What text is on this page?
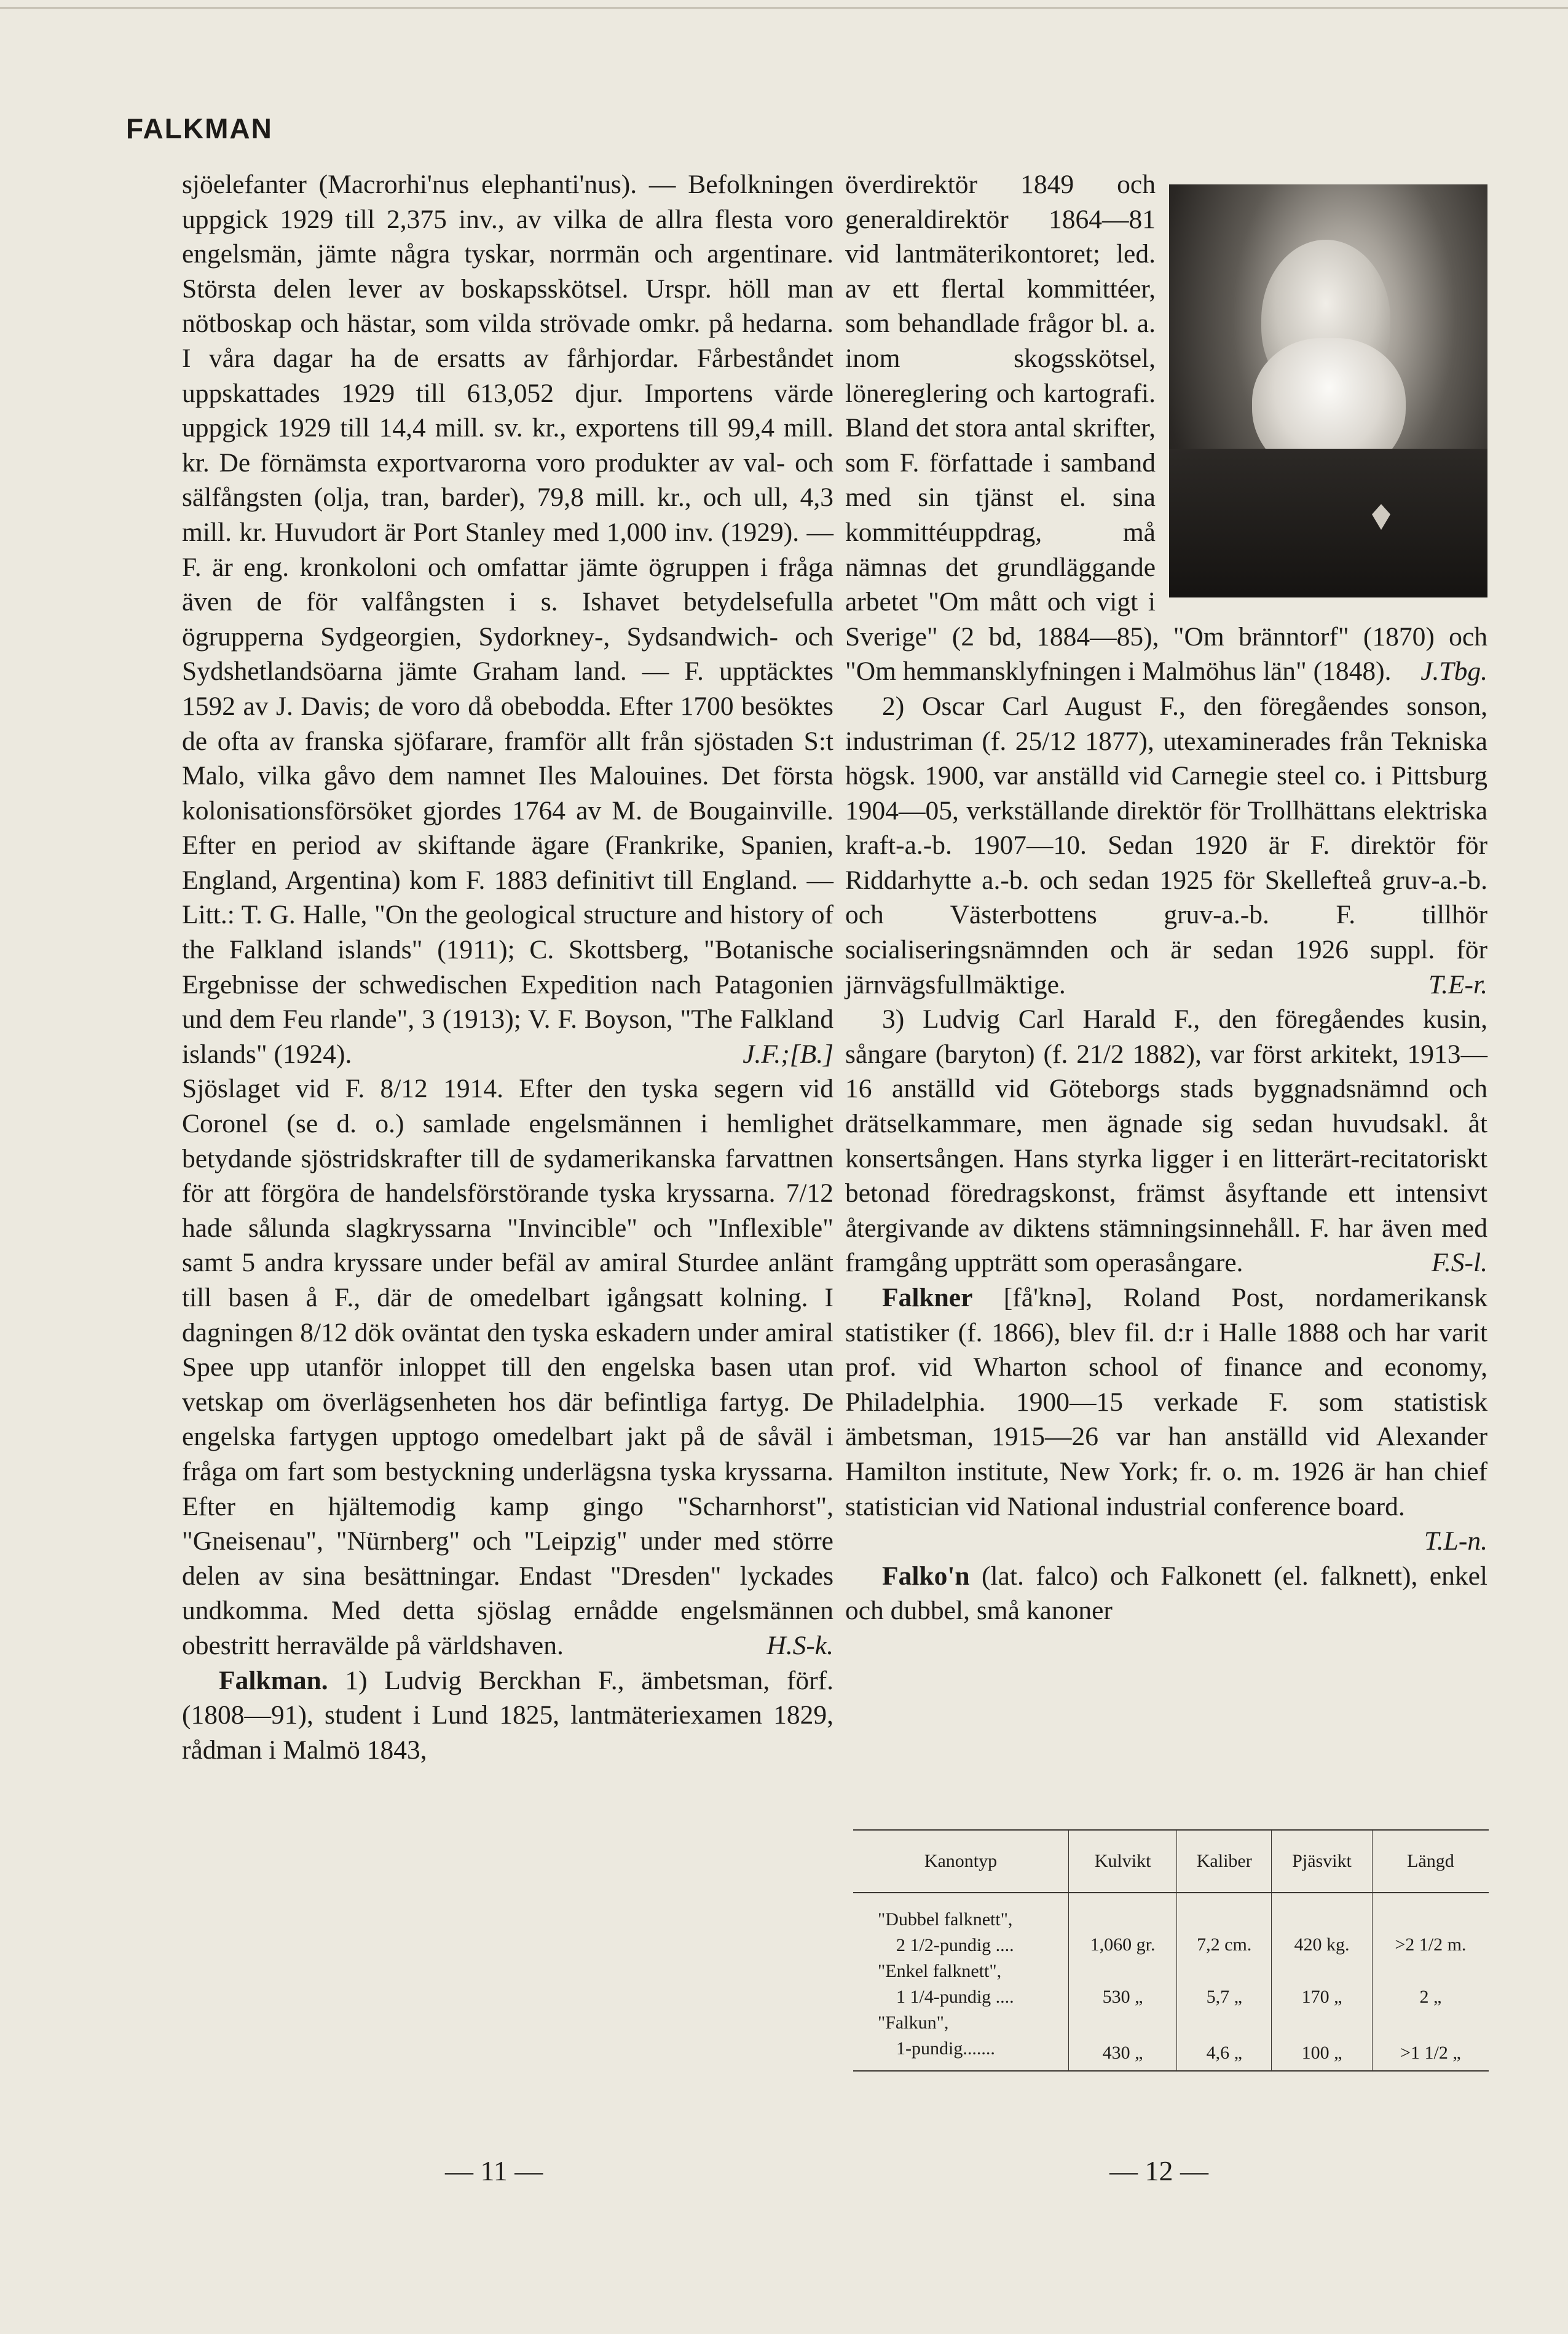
FALKMAN

sjöelefanter (Macrorhi'nus elephanti'nus). — Befolkningen uppgick 1929 till 2,375 inv., av vilka de allra flesta voro engelsmän, jämte några tyskar, norrmän och argentinare. Största delen lever av boskapsskötsel. Urspr. höll man nötboskap och hästar, som vilda strövade omkr. på hedarna. I våra dagar ha de ersatts av fårhjordar. Fårbeståndet uppskattades 1929 till 613,052 djur. Importens värde uppgick 1929 till 14,4 mill. sv. kr., exportens till 99,4 mill. kr. De förnämsta exportvarorna voro produkter av val- och sälfångsten (olja, tran, barder), 79,8 mill. kr., och ull, 4,3 mill. kr. Huvudort är Port Stanley med 1,000 inv. (1929). — F. är eng. kronkoloni och omfattar jämte ögruppen i fråga även de för valfångsten i s. Ishavet betydelsefulla ögrupperna Sydgeorgien, Sydorkney-, Sydsandwich- och Sydshetlandsöarna jämte Graham land. — F. upptäcktes 1592 av J. Davis; de voro då obebodda. Efter 1700 besöktes de ofta av franska sjöfarare, framför allt från sjöstaden S:t Malo, vilka gåvo dem namnet Iles Malouines. Det första kolonisationsförsöket gjordes 1764 av M. de Bougainville. Efter en period av skiftande ägare (Frankrike, Spanien, England, Argentina) kom F. 1883 definitivt till England. — Litt.: T. G. Halle, "On the geological structure and history of the Falkland islands" (1911); C. Skottsberg, "Botanische Ergebnisse der schwedischen Expedition nach Patagonien und dem Feu rlande", 3 (1913); V. F. Boyson, "The Falkland islands" (1924).	J.F.;[B.]

Sjöslaget vid F. 8/12 1914. Efter den tyska segern vid Coronel (se d. o.) samlade engelsmännen i hemlighet betydande sjöstridskrafter till de sydamerikanska farvattnen för att förgöra de handelsförstörande tyska kryssarna. 7/12 hade sålunda slagkryssarna "Invincible" och "Inflexible" samt 5 andra kryssare under befäl av amiral Sturdee anlänt till basen å F., där de omedelbart igångsatt kolning. I dagningen 8/12 dök oväntat den tyska eskadern under amiral Spee upp utanför inloppet till den engelska basen utan vetskap om överlägsenheten hos där befintliga fartyg. De engelska fartygen upptogo omedelbart jakt på de såväl i fråga om fart som bestyckning underlägsna tyska kryssarna. Efter en hjältemodig kamp gingo "Scharnhorst", "Gneisenau", "Nürnberg" och "Leipzig" under med större delen av sina besättningar. Endast "Dresden" lyckades undkomma. Med detta sjöslag ernådde engelsmännen obestritt herravälde på världshaven.	H.S-k.

Falkman. 1) Ludvig Berckhan F., ämbetsman, förf. (1808—91), student i Lund 1825, lantmäteriexamen 1829, rådman i Malmö 1843,

överdirektör 1849 och generaldirektör 1864—81 vid lantmäterikontoret; led. av ett flertal kommittéer, som behandlade frågor bl. a. inom skogsskötsel, lönereglering och kartografi. Bland det stora antal skrifter, som F. författade i samband med sin tjänst el. sina kommittéuppdrag, må nämnas det grundläggande arbetet "Om mått och vigt i Sverige" (2 bd, 1884—85), "Om bränntorf" (1870) och "Om hemmansklyfningen i Malmöhus län" (1848). J.Tbg.

2) Oscar Carl August F., den föregåendes sonson, industriman (f. 25/12 1877), utexaminerades från Tekniska högsk. 1900, var anställd vid Carnegie steel co. i Pittsburg 1904—05, verkställande direktör för Trollhättans elektriska kraft-a.-b. 1907—10. Sedan 1920 är F. direktör för Riddarhytte a.-b. och sedan 1925 för Skellefteå gruv-a.-b. och Västerbottens gruv-a.-b. F. tillhör socialiseringsnämnden och är sedan 1926 suppl. för järnvägsfullmäktige.	T.E-r.

3) Ludvig Carl Harald F., den föregåendes kusin, sångare (baryton) (f. 21/2 1882), var först arkitekt, 1913—16 anställd vid Göteborgs stads byggnadsnämnd och drätselkammare, men ägnade sig sedan huvudsakl. åt konsertsången. Hans styrka ligger i en litterärt-recitatoriskt betonad föredragskonst, främst åsyftande ett intensivt återgivande av diktens stämningsinnehåll. F. har även med framgång uppträtt som operasångare.	F.S-l.

Falkner [få'knə], Roland Post, nordamerikansk statistiker (f. 1866), blev fil. d:r i Halle 1888 och har varit prof. vid Wharton school of finance and economy, Philadelphia. 1900—15 verkade F. som statistisk ämbetsman, 1915—26 var han anställd vid Alexander Hamilton institute, New York; fr. o. m. 1926 är han chief statistician vid National industrial conference board.
T.L-n.

Falko'n (lat. falco) och Falkonett (el. falknett), enkel och dubbel, små kanoner

Kanontyp	Kulvikt	Kaliber	Pjäsvikt	Längd

"Dubbel falknett",
2 1/2-pundig ....	1,060 gr.	7,2 cm.	420 kg.	>2 1/2 m.

"Enkel falknett",
1 1/4-pundig ....	530 „	5,7 „	170 „	2 „

"Falkun",
1-pundig.......	430 „	4,6 „	100 „	>1 1/2 „
— 11 —	— 12 —
